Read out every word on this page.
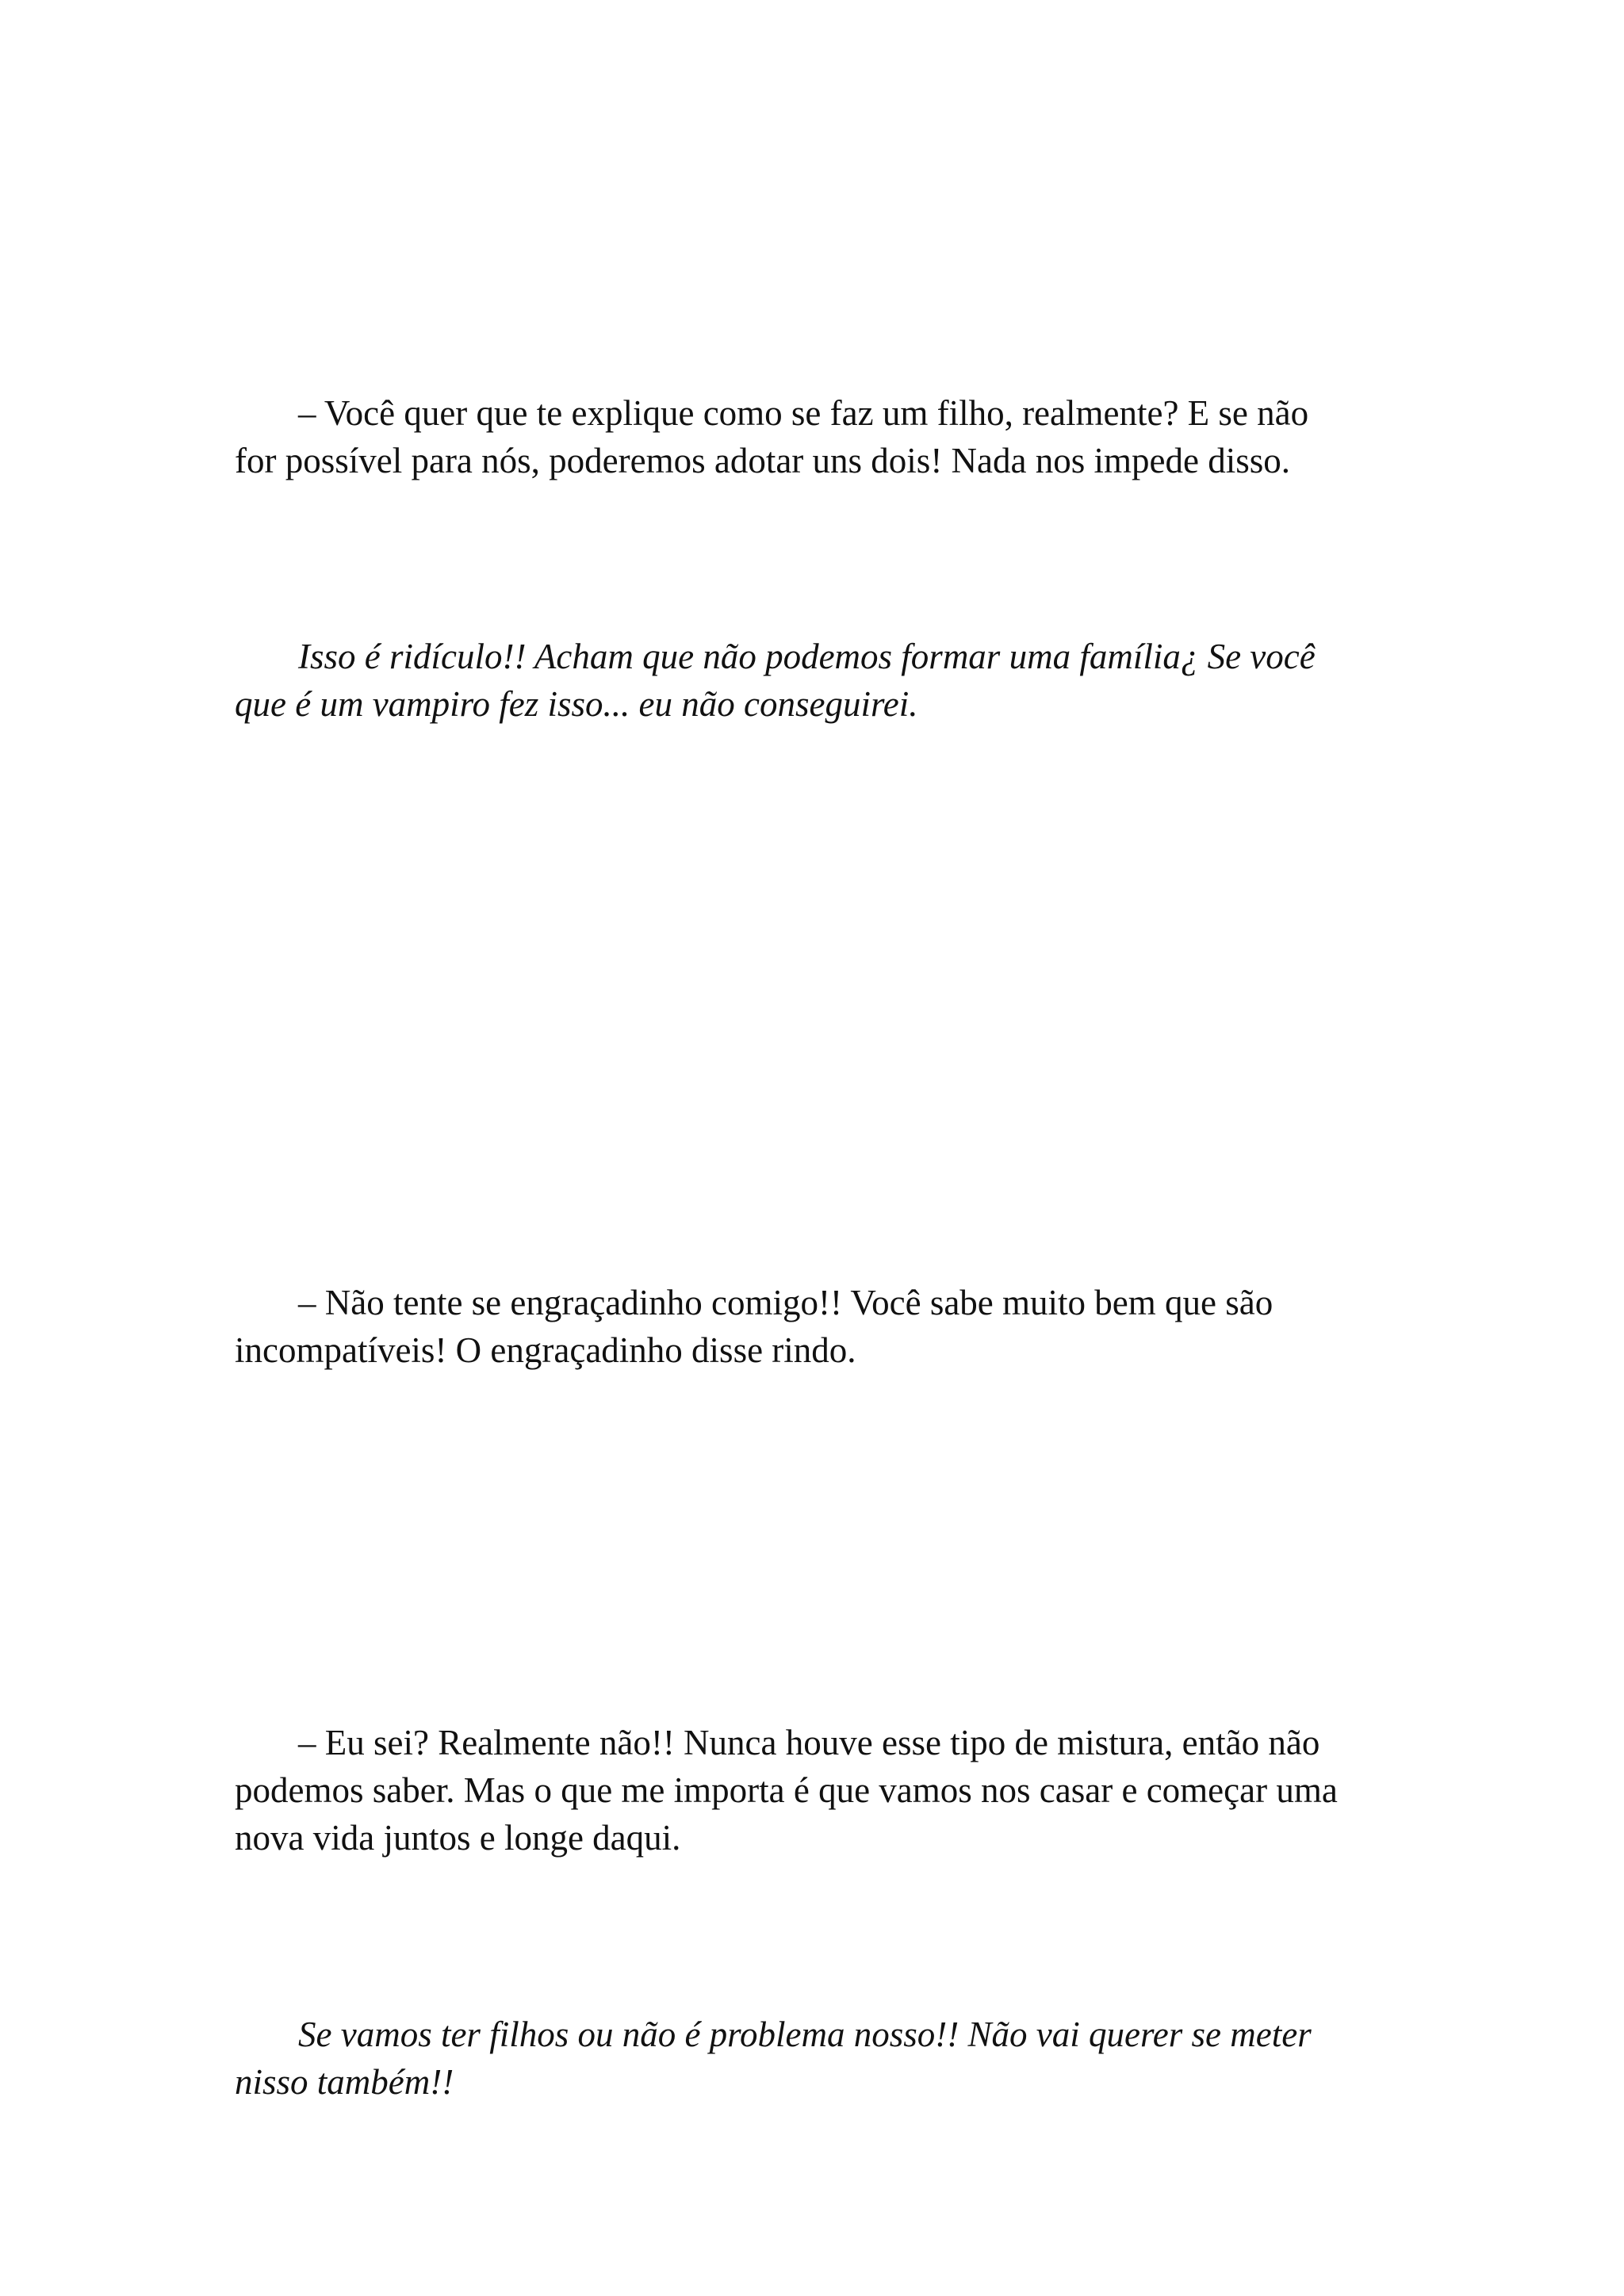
– Você quer que te explique como se faz um filho, realmente? E se não
for possível para nós, poderemos adotar uns dois! Nada nos impede disso.

Isso é ridículo!! Acham que não podemos formar uma família¿ Se você
que é um vampiro fez isso... eu não conseguirei.

– Não tente se engraçadinho comigo!! Você sabe muito bem que são
incompatíveis! O engraçadinho disse rindo.

– Eu sei? Realmente não!! Nunca houve esse tipo de mistura, então não
podemos saber. Mas o que me importa é que vamos nos casar e começar uma
nova vida juntos e longe daqui.

Se vamos ter filhos ou não é problema nosso!! Não vai querer se meter
nisso também!!
